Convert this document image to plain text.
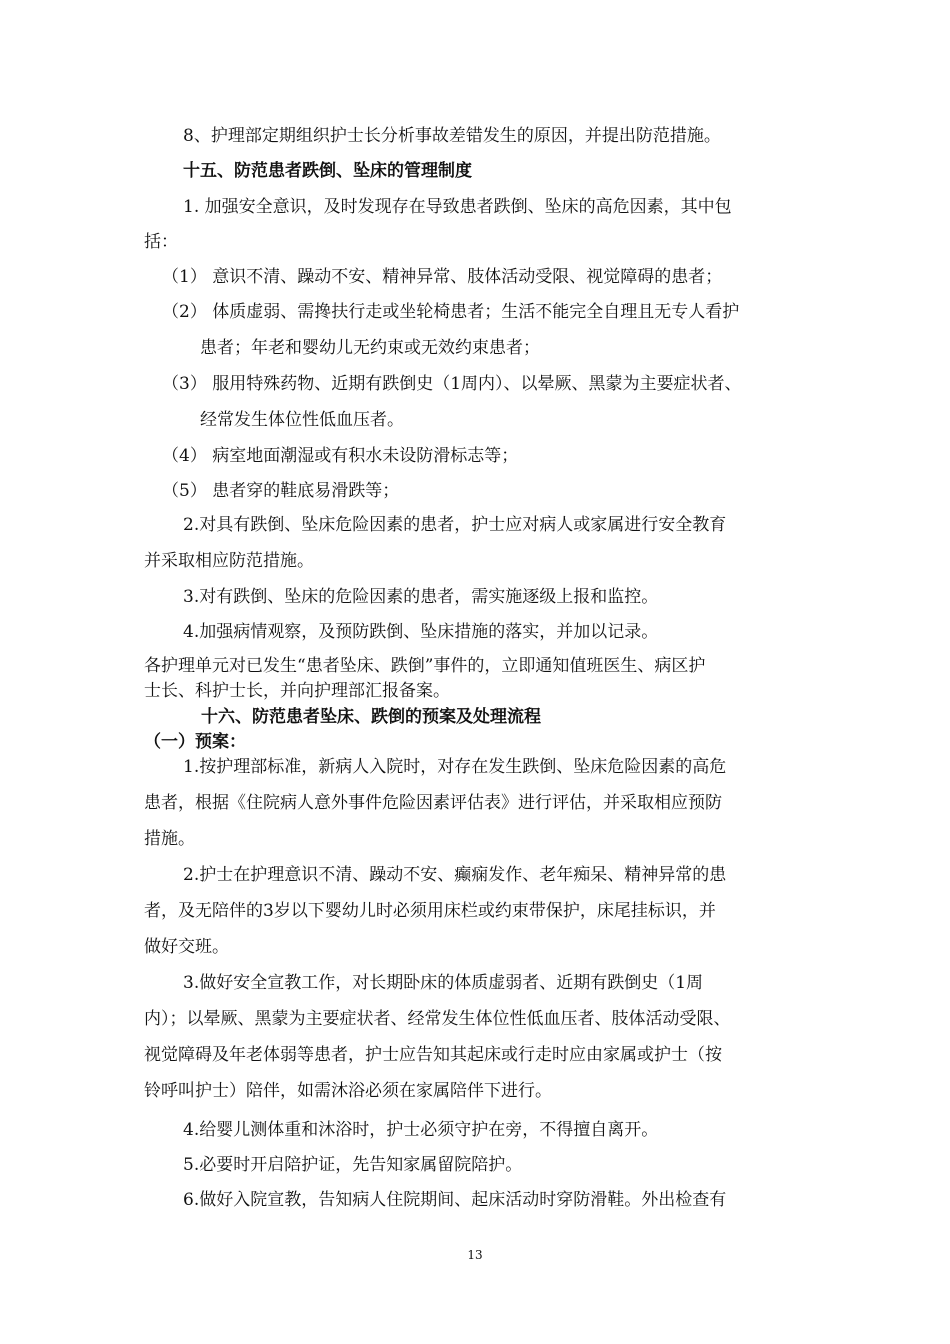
8、护理部定期组织护士长分析事故差错发生的原因，并提出防范措施。
十五、防范患者跌倒、坠床的管理制度
1. 加强安全意识，及时发现存在导致患者跌倒、坠床的高危因素，其中包
括：
（1） 意识不清、躁动不安、精神异常、肢体活动受限、视觉障碍的患者；
（2） 体质虚弱、需搀扶行走或坐轮椅患者；生活不能完全自理且无专人看护
患者；年老和婴幼儿无约束或无效约束患者；
（3） 服用特殊药物、近期有跌倒史（1周内）、以晕厥、黑蒙为主要症状者、
经常发生体位性低血压者。
（4） 病室地面潮湿或有积水未设防滑标志等；
（5） 患者穿的鞋底易滑跌等；
2.对具有跌倒、坠床危险因素的患者，护士应对病人或家属进行安全教育
并采取相应防范措施。
3.对有跌倒、坠床的危险因素的患者，需实施逐级上报和监控。
4.加强病情观察，及预防跌倒、坠床措施的落实，并加以记录。
各护理单元对已发生“患者坠床、跌倒”事件的，立即通知值班医生、病区护
士长、科护士长，并向护理部汇报备案。
十六、防范患者坠床、跌倒的预案及处理流程
（一）预案：
1.按护理部标准，新病人入院时，对存在发生跌倒、坠床危险因素的高危
患者，根据《住院病人意外事件危险因素评估表》进行评估，并采取相应预防
措施。
2.护士在护理意识不清、躁动不安、癫痫发作、老年痴呆、精神异常的患
者，及无陪伴的3岁以下婴幼儿时必须用床栏或约束带保护，床尾挂标识，并
做好交班。
3.做好安全宣教工作，对长期卧床的体质虚弱者、近期有跌倒史（1周
内）；以晕厥、黑蒙为主要症状者、经常发生体位性低血压者、肢体活动受限、
视觉障碍及年老体弱等患者，护士应告知其起床或行走时应由家属或护士（按
铃呼叫护士）陪伴，如需沐浴必须在家属陪伴下进行。
4.给婴儿测体重和沐浴时，护士必须守护在旁，不得擅自离开。
5.必要时开启陪护证，先告知家属留院陪护。
6.做好入院宣教，告知病人住院期间、起床活动时穿防滑鞋。外出检查有
13
